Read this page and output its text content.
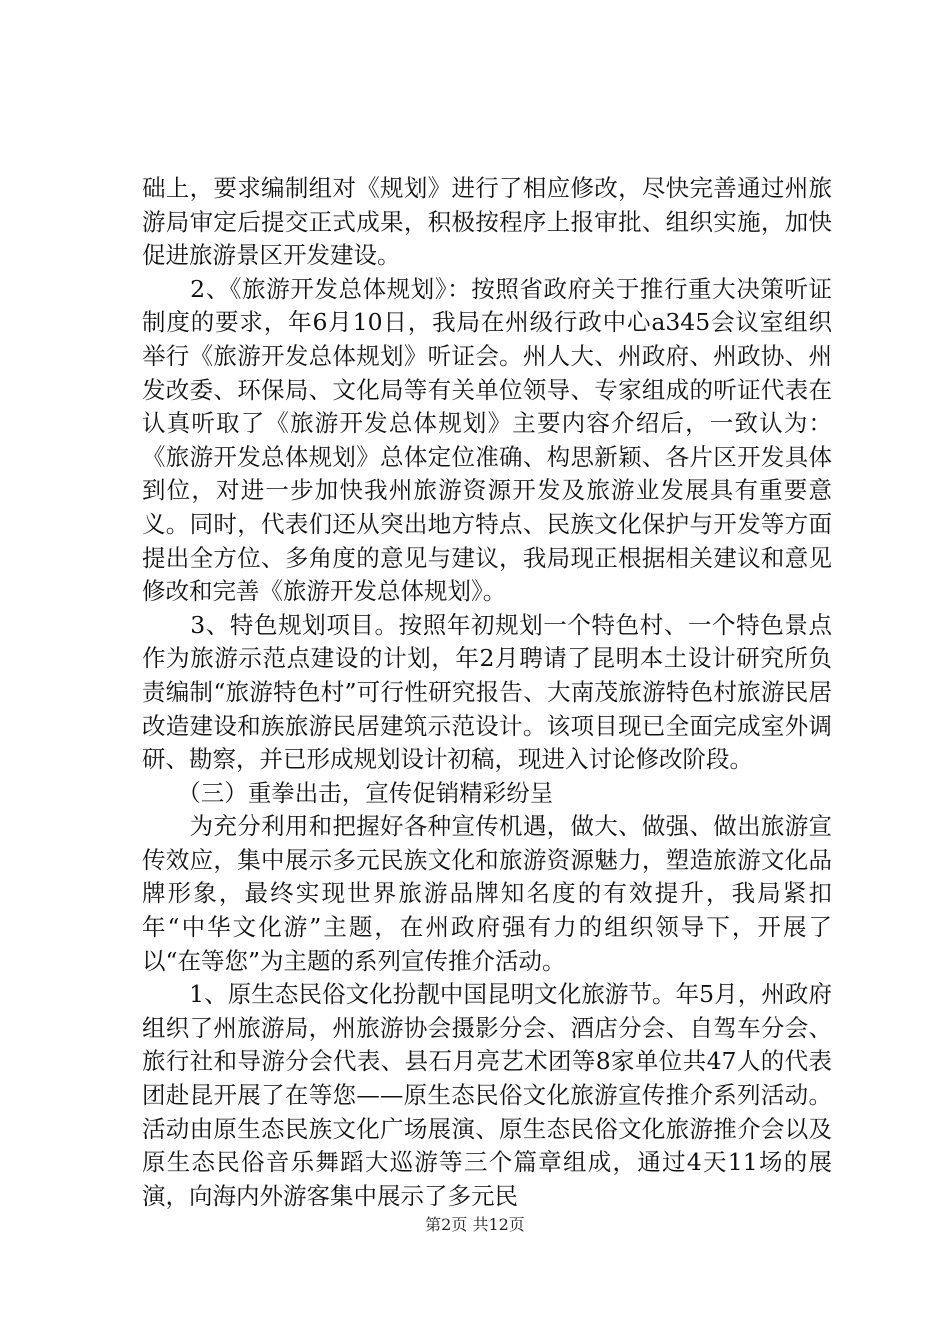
础上，要求编制组对《规划》进行了相应修改，尽快完善通过州旅游局审定后提交正式成果，积极按程序上报审批、组织实施，加快促进旅游景区开发建设。

　　2、《旅游开发总体规划》：按照省政府关于推行重大决策听证制度的要求，年6月10日，我局在州级行政中心a345会议室组织举行《旅游开发总体规划》听证会。州人大、州政府、州政协、州发改委、环保局、文化局等有关单位领导、专家组成的听证代表在认真听取了《旅游开发总体规划》主要内容介绍后，一致认为：《旅游开发总体规划》总体定位准确、构思新颖、各片区开发具体到位，对进一步加快我州旅游资源开发及旅游业发展具有重要意义。同时，代表们还从突出地方特点、民族文化保护与开发等方面提出全方位、多角度的意见与建议，我局现正根据相关建议和意见修改和完善《旅游开发总体规划》。

　　3、特色规划项目。按照年初规划一个特色村、一个特色景点作为旅游示范点建设的计划，年2月聘请了昆明本土设计研究所负责编制“旅游特色村”可行性研究报告、大南茂旅游特色村旅游民居改造建设和族旅游民居建筑示范设计。该项目现已全面完成室外调研、勘察，并已形成规划设计初稿，现进入讨论修改阶段。

　　（三）重拳出击，宣传促销精彩纷呈

　　为充分利用和把握好各种宣传机遇，做大、做强、做出旅游宣传效应，集中展示多元民族文化和旅游资源魅力，塑造旅游文化品牌形象，最终实现世界旅游品牌知名度的有效提升，我局紧扣年“中华文化游”主题，在州政府强有力的组织领导下，开展了以“在等您”为主题的系列宣传推介活动。

　　1、原生态民俗文化扮靓中国昆明文化旅游节。年5月，州政府组织了州旅游局，州旅游协会摄影分会、酒店分会、自驾车分会、旅行社和导游分会代表、县石月亮艺术团等8家单位共47人的代表团赴昆开展了在等您——原生态民俗文化旅游宣传推介系列活动。活动由原生态民族文化广场展演、原生态民俗文化旅游推介会以及原生态民俗音乐舞蹈大巡游等三个篇章组成，通过4天11场的展演，向海内外游客集中展示了多元民

第2页 共12页
